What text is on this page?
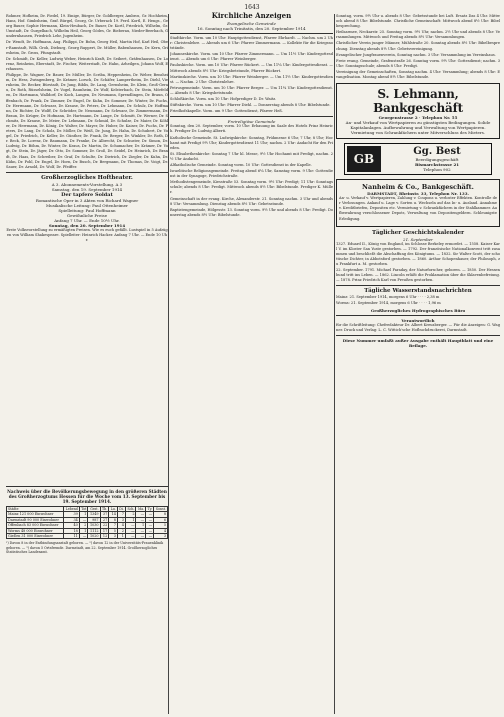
1643

Rohmer, Hofheim, Dr. Fiedel, 19. Einige, Bürger, Dr. Goldberger, Ambros, Gr. Hochheim, Hans, Hof. Gimbsheim, Graf. Bürgel, Georg, Gr. Urberach 19. Ferd. Kortl, E. Hengs., Georg Bauer, Sophie Hermann, Klein-Heubach, Dr. Bauer, Dr. Kortl, Friedrich, Wilhelm, Gr. Umstadt, Dr. Gurgelbach, Wilhelm Heil, Georg Gödes, Gr. Bieberau, Nieder-Beerbach, Gundernhausen, Friedrich Lehr, Jugenheim.

Dr. Wendt, Dr. Hoffmann, Aug. Philippi, Dr. Bohn, Georg Heil, Martin Hof, Karl Heil, Ober-Ramstadt, Wilh. Groh, Dieburg, Georg Ruppert, Dr. Müller, Babenhausen, Dr. Kern, Griesheim, Dr. Gross, Pfungstadt.

Dr. Schmidt, Dr. Keller, Ludwig Weber, Heinrich Kraft, Dr. Seibert, Gräfenhausen, Dr. Lorenz, Reinheim, Eberstadt, Dr. Fischer, Weiterstadt, Dr. Hahn, Arheilgen, Johann Wolf, Erzhausen.

Philippe, Dr. Wagner, Dr. Bauer, Dr. Müller, Dr. Scriba, Heppenheim, Dr. Weber, Bensheim, Dr. Hess, Zwingenberg, Dr. Krämer, Lorsch, Dr. Schäfer, Lampertheim, Dr. Diehl, Viernheim, Dr. Becker, Bürstadt, Dr. Jung, Biblis, Dr. Lang, Gernsheim, Dr. Klein, Groß-Gerau, Dr. Roth, Rüsselsheim, Dr. Vogel, Raunheim, Dr. Wolf, Kelsterbach, Dr. Stein, Mörfelden, Dr. Hartmann, Walldorf, Dr. Koch, Langen, Dr. Neumann, Sprendlingen, Dr. Braun, Offenbach, Dr. Frank, Dr. Zimmer, Dr. Engel, Dr. Kuhn, Dr. Sommer, Dr. Winter, Dr. Fuchs, Dr. Herrmann, Dr. Schwarz, Dr. Krause, Dr. Peters, Dr. Lehmann, Dr. Schulz, Dr. Hoffmann, Dr. Richter, Dr. Wolff, Dr. Schröder, Dr. Neumann, Dr. Schwarz, Dr. Zimmermann, Dr. Braun, Dr. Krüger, Dr. Hofmann, Dr. Hartmann, Dr. Lange, Dr. Schmitt, Dr. Werner, Dr. Schmitz, Dr. Krause, Dr. Meier, Dr. Lehmann, Dr. Schmid, Dr. Schulze, Dr. Maier, Dr. Köhler, Dr. Herrmann, Dr. König, Dr. Walter, Dr. Mayer, Dr. Huber, Dr. Kaiser, Dr. Fuchs, Dr. Peters, Dr. Lang, Dr. Scholz, Dr. Möller, Dr. Weiß, Dr. Jung, Dr. Hahn, Dr. Schubert, Dr. Vogel, Dr. Friedrich, Dr. Keller, Dr. Günther, Dr. Frank, Dr. Berger, Dr. Winkler, Dr. Roth, Dr. Beck, Dr. Lorenz, Dr. Baumann, Dr. Franke, Dr. Albrecht, Dr. Schuster, Dr. Simon, Dr. Ludwig, Dr. Böhm, Dr. Winter, Dr. Kraus, Dr. Martin, Dr. Schumacher, Dr. Krämer, Dr. Vogt, Dr. Stein, Dr. Jäger, Dr. Otto, Dr. Sommer, Dr. Groß, Dr. Seidel, Dr. Heinrich, Dr. Brandt, Dr. Haas, Dr. Schreiber, Dr. Graf, Dr. Schulte, Dr. Dietrich, Dr. Ziegler, Dr. Kuhn, Dr. Kühn, Dr. Pohl, Dr. Engel, Dr. Horn, Dr. Busch, Dr. Bergmann, Dr. Thomas, Dr. Voigt, Dr. Sauer, Dr. Arnold, Dr. Wolf, Dr. Pfeiffer.

Großherzogliches Hoftheater.

A 3. Abonnements-Vorstellung. A 3

Samstag, den 19. September 1914

Der tapfere Soldat

Romantische Oper in 3 Akten von Richard Wagner

Musikalische Leitung: Paul Ottenheimer

Spielleitung: Paul Hoffmann

Gewöhnliche Preise

Anfang 7 Uhr. — Ende 10½ Uhr.

Sonntag, den 20. September 1914

Erste Volksvorstellung zu ermäßigten Preisen. Wie es euch gefällt. Lustspiel in 5 Aufzügen von William Shakespeare. Spielleiter: Heinrich Hacker. Anfang 7 Uhr. — Ende 10 Uhr.

Nachweis über die Bevölkerungsbewegung in den größeren Städten des Großherzogtums Hessen für die Woche vom 13. September bis 19. September 1914.
Städte	Lebend	Tot	Gest.	Tb.	Lu.	Di.	Sch.	Ma.	Ty.	Sonst.
Mainz 121 000 Einwohner	39	1	1349	37	14	7	2	—	—	8
Darmstadt 90 000 Einwohner	34	—	987	27	8	3	1	—	—	6
Offenbach 83 000 Einwohner	40	2	1030	22	7	4	—	1	—	5
Worms 48 000 Einwohner	18	1	1112	17	5	2	—	—	—	4
Gießen 31 000 Einwohner	11	—	1020	12	3	1	—	—	—	3
¹) Davon 8 in der Entbindungsanstalt geboren. — ²) davon 12 in der Universitäts-Frauenklinik geboren. — ³) davon 5 Ortsfremde. Darmstadt, am 22. September 1914. Großherzogliches Statistisches Landesamt.
Kirchliche Anzeigen
Evangelische Gemeinde
16. Sonntag nach Trinitatis, den 20. September 1914

Stadtkirche. Vorm. um 10 Uhr: Hauptgottesdienst, Pfarrer Ehrhardt. — Nachm. um 2 Uhr: Christenlehre. — Abends um 6 Uhr: Pfarrer Zimmermann. — Kollekte für die Kriegsnotstände.

Johanneskirche. Vorm. um 10 Uhr: Pfarrer Zimmermann. — Um 11½ Uhr: Kindergottesdienst. — Abends um 6 Uhr: Pfarrer Weinberger.

Pauluskirche. Vorm. um 10 Uhr: Pfarrer Rückert. — Um 11¼ Uhr: Kindergottesdienst. — Mittwoch abends 8½ Uhr: Kriegsbetstunde, Pfarrer Rückert.

Martinskirche. Vorm. um 10 Uhr: Pfarrer Weinberger. — Um 11½ Uhr: Kindergottesdienst. — Nachm. 2 Uhr: Christenlehre.

Petrusgemeinde. Vorm. um 10 Uhr: Pfarrer Berger. — Um 11¼ Uhr: Kindergottesdienst. — Abends 8 Uhr: Kriegsbetstunde.

Schloßkirche. Vorm. um 10 Uhr: Hofprediger D. Dr. Waitz.

Stiftskirche. Vorm. um 10 Uhr: Pfarrer Diehl. — Donnerstag abends 8 Uhr: Bibelstunde.

Friedhofskapelle. Vorm. um 9 Uhr: Gottesdienst, Pfarrer Heß.

Freireligiöse Gemeinde

Sonntag, den 20. September, vorm. 10 Uhr: Erbauung im Saale des Hotels Prinz Heinrich. Prediger Dr. Ludwig Alberti.

Katholische Gemeinde. St. Ludwigskirche: Sonntag, Frühmesse 6 Uhr, 7 Uhr, 8 Uhr; Hochamt mit Predigt 9½ Uhr; Kindergottesdienst 11 Uhr; nachm. 2 Uhr: Andacht für den Frieden.

St. Elisabethenkirche: Sonntag 7 Uhr hl. Messe, 9½ Uhr Hochamt mit Predigt, nachm. 2½ Uhr Andacht.

Altkatholische Gemeinde. Sonntag vorm. 10 Uhr: Gottesdienst in der Kapelle.

Israelitische Religionsgemeinde. Freitag abend 6¼ Uhr, Samstag vorm. 9 Uhr: Gottesdienst in der Synagoge, Friedrichstraße.

Methodistengemeinde, Kiesstraße 53. Sonntag vorm. 9½ Uhr: Predigt; 11 Uhr: Sonntagsschule; abends 8 Uhr: Predigt. Mittwoch abends 8½ Uhr: Bibelstunde. Prediger K. Müller.

Gemeinschaft in der evang. Kirche, Alexanderstr. 21. Sonntag nachm. 3 Uhr und abends 8 Uhr: Versammlung. Dienstag abends 8½ Uhr: Gebetsstunde.

Baptistengemeinde, Hölgesstr. 13. Sonntag vorm. 9½ Uhr und abends 8 Uhr: Predigt. Donnerstag abends 8½ Uhr: Bibelstunde.

Sonntag, vorm. 9½ Uhr u. abends 8 Uhr: Gebetsstunde bei Luft. Ersatz Das 4 Uhr. Mittwoch abend 8 Uhr: Bibelstunde. Christliche Gemeinschaft: Mittwoch abend 8½ Uhr: Bibelbesprechung.

Heilsarmee, Neckarstr. 25. Sonntag vorm. 9½ Uhr, nachm. 2½ Uhr und abends 8 Uhr: Versammlungen. Mittwoch und Freitag abends 8½ Uhr: Versammlungen.

Christlicher Verein junger Männer, Mühlstraße 20. Sonntag abends 8½ Uhr: Bibelbesprechung. Dienstag abends 8½ Uhr: Gebetsvereinigung.

Evangelischer Jungfrauenverein, Sonntag nachm. 3 Uhr: Versammlung im Vereinshaus.

Freie evang. Gemeinde, Grafenstraße 26. Sonntag vorm. 9½ Uhr: Gottesdienst; nachm. 3 Uhr: Sonntagsschule; abends 8 Uhr: Predigt.

Vereinigung der Gemeinschaften, Sonntag nachm. 4 Uhr: Versammlung; abends 8 Uhr: Evangelisation. Montag abend 8½ Uhr: Bibelstunde.

S. Lehmann, Bankgeschäft
Georgenstrasse 2 · Telephon Nr. 55
An- und Verkauf von Wertpapieren zu günstigsten Bedingungen. Solide Kapitalanlagen. Aufbewahrung und Verwaltung von Wertpapieren. Vermietung von Schrankfächern unter Mitverschluss des Mieters.
GB
Gg. Best
Beerdigungsgeschäft
Bismarckstrasse 21
Telephon 902
Nanheim & Co., Bankgeschäft.
DARMSTADT, Rheinstr. 33, Telephon Nr. 133.
An- u. Verkauf v. Wertpapieren, Zahlung v. Coupons u. verloster Effekten. Kontrolle der Verlosungen. Ankauf u. Lage v. Sorten u. Wechseln auf das In- u. Ausland. Annahme v. Kreditbriefen, Depositen etc. Vermietung v. Schrankfächern in der Stahlkammer. Aufbewahrung verschlossener Depots, Verwaltung von Depositengeldern. Schleunigste Erledigung.
Täglicher Geschichtskalender
21. September

1327. Eduard II., König von England, im Schlosse Berkeley ermordet. — 1558. Kaiser Karl V. im Kloster San Yuste gestorben. — 1792. Der französische Nationalkonvent tritt zusammen und beschließt die Abschaffung des Königtums. — 1832. Sir Walter Scott, der schottische Dichter, in Abbotsford gestorben. — 1860. Arthur Schopenhauer, der Philosoph, zu Frankfurt a. M. gestorben.

22. September. 1791. Michael Faraday, der Naturforscher, geboren. — 1850. Der Hessenbund tritt ins Leben. — 1862. Lincoln erläßt die Proklamation über die Sklavenbefreiung. — 1878. Prinz Friedrich Karl von Preußen gestorben.

Tägliche Wasserstandsnachrichten

Mainz: 21. September 1914, morgens 6 Uhr · · · · 2,38 m

Worms: 21. September 1914, morgens 6 Uhr · · · · 1,96 m

Großherzogliches Hydrographisches Büro

Verantwortlich

für die Schriftleitung: Chefredakteur Dr. Albert Kreuzberger. — Für die Anzeigen: G. Wagner. Druck und Verlag: L. C. Wittich'sche Hofbuchdruckerei, Darmstadt.

Diese Nummer umfaßt außer Ausgabe enthält Hauptblatt und eine Beilage.
